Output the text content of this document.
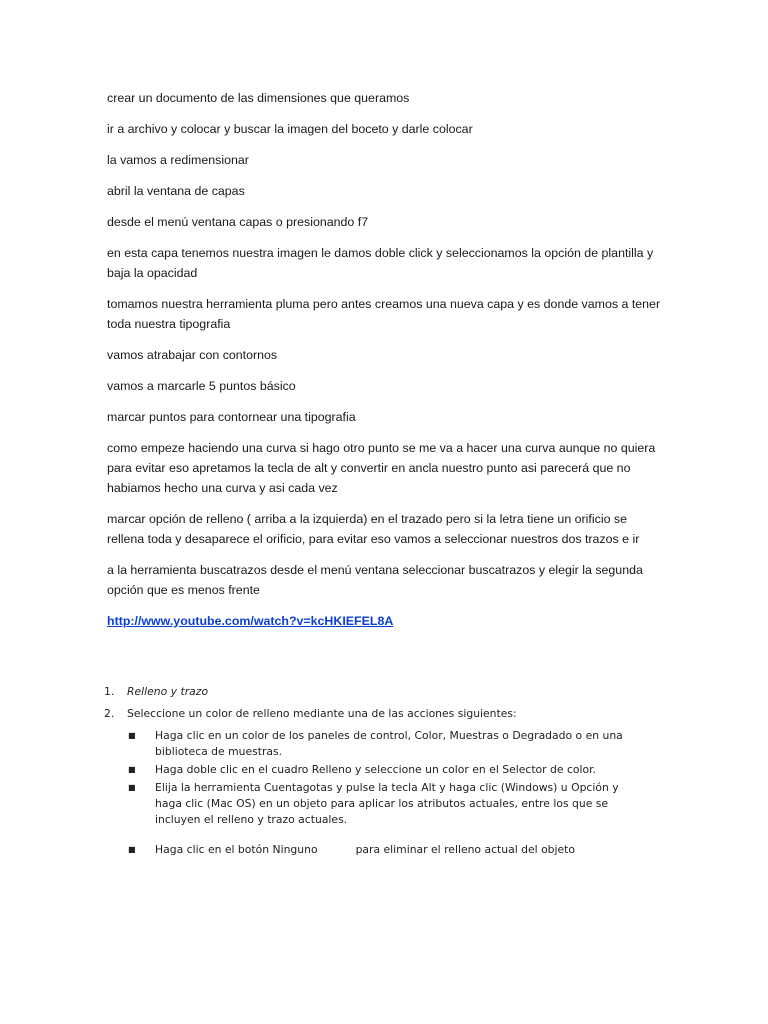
crear un documento de las dimensiones que queramos

ir a archivo y colocar y buscar la imagen del boceto y darle colocar

la vamos a redimensionar

abril la ventana de capas

desde el menú ventana capas o presionando f7

en esta capa tenemos nuestra imagen le damos doble click y seleccionamos la opción de plantilla y baja la opacidad

tomamos nuestra herramienta pluma pero antes creamos una nueva capa y es donde vamos a tener toda nuestra tipografia

vamos atrabajar con contornos

vamos a marcarle 5 puntos básico

marcar puntos para contornear una tipografia

como empeze haciendo una curva si hago otro punto se me va a hacer una curva aunque no quiera para evitar eso apretamos la tecla de alt y convertir en ancla nuestro punto asi parecerá que no habiamos hecho una curva y asi cada vez

marcar opción de relleno ( arriba a la izquierda) en el trazado pero si la letra tiene un orificio se rellena toda y desaparece el orificio, para evitar eso vamos a seleccionar nuestros dos trazos e ir

a la herramienta buscatrazos desde el menú ventana seleccionar buscatrazos y elegir la segunda opción que es menos frente

http://www.youtube.com/watch?v=kcHKIEFEL8A

1.	Relleno y trazo
2.	Seleccione un color de relleno mediante una de las acciones siguientes:
■	Haga clic en un color de los paneles de control, Color, Muestras o Degradado o en una biblioteca de muestras.
■	Haga doble clic en el cuadro Relleno y seleccione un color en el Selector de color.
■	Elija la herramienta Cuentagotas y pulse la tecla Alt y haga clic (Windows) u Opción y haga clic (Mac OS) en un objeto para aplicar los atributos actuales, entre los que se incluyen el relleno y trazo actuales.
■	Haga clic en el botón Ninguno	para eliminar el relleno actual del objeto
